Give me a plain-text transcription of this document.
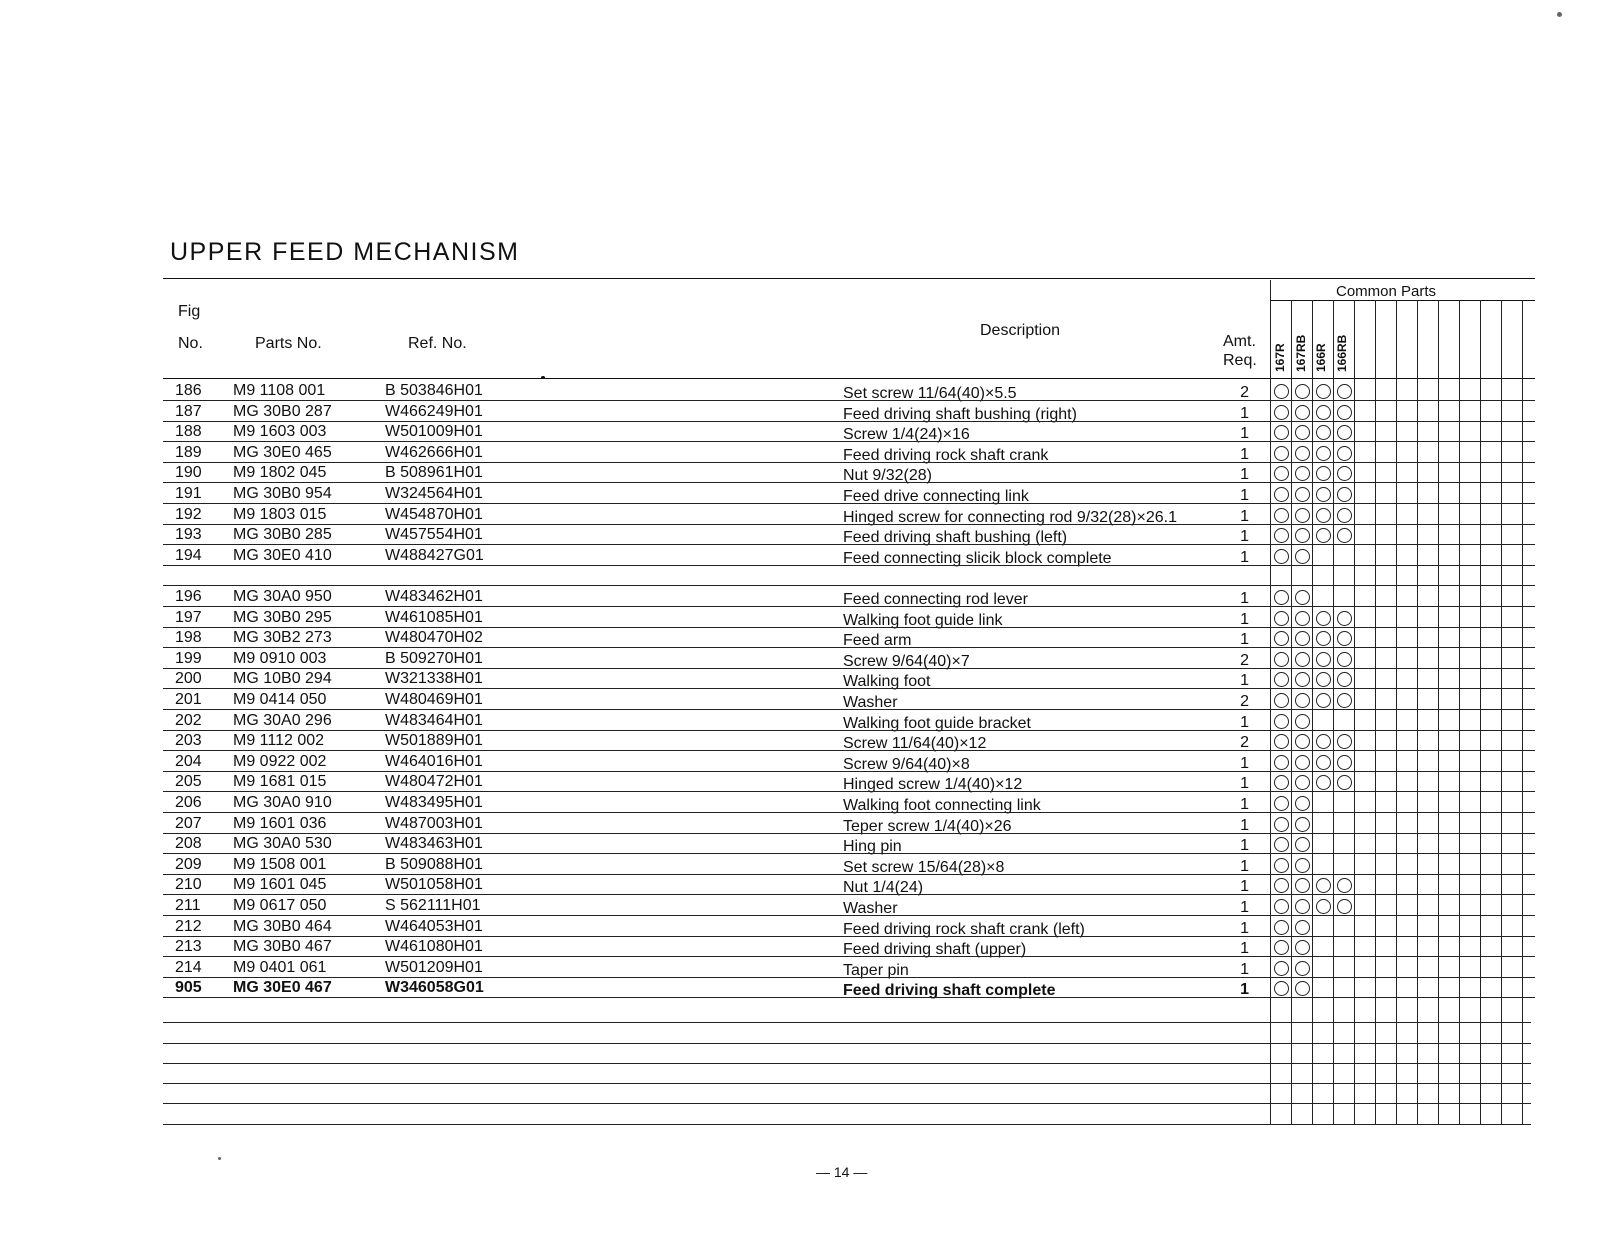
UPPER FEED MECHANISM
Fig
No.	Parts No.	Ref. No.
Description
Amt.
Req.
Common Parts
167R 167RB 166R 166RB
186 M9 1108 001	B 503846H01	Set screw 11/64(40)×5.5	2
187 MG 30B0 287	W466249H01	Feed driving shaft bushing (right)	1
188 M9 1603 003	W501009H01	Screw 1/4(24)×16	1
189 MG 30E0 465	W462666H01	Feed driving rock shaft crank	1
190 M9 1802 045	B 508961H01	Nut 9/32(28)	1
191 MG 30B0 954	W324564H01	Feed drive connecting link	1
192 M9 1803 015	W454870H01	Hinged screw for connecting rod 9/32(28)×26.1	1
193 MG 30B0 285	W457554H01	Feed driving shaft bushing (left)	1
194 MG 30E0 410	W488427G01	Feed connecting slicik block complete	1
196 MG 30A0 950	W483462H01	Feed connecting rod lever	1
197 MG 30B0 295	W461085H01	Walking foot guide link	1
198 MG 30B2 273	W480470H02	Feed arm	1
199 M9 0910 003	B 509270H01	Screw 9/64(40)×7	2
200 MG 10B0 294	W321338H01	Walking foot	1
201 M9 0414 050	W480469H01	Washer	2
202 MG 30A0 296	W483464H01	Walking foot guide bracket	1
203 M9 1112 002	W501889H01	Screw 11/64(40)×12	2
204 M9 0922 002	W464016H01	Screw 9/64(40)×8	1
205 M9 1681 015	W480472H01	Hinged screw 1/4(40)×12	1
206 MG 30A0 910	W483495H01	Walking foot connecting link	1
207 M9 1601 036	W487003H01	Teper screw 1/4(40)×26	1
208 MG 30A0 530	W483463H01	Hing pin	1
209 M9 1508 001	B 509088H01	Set screw 15/64(28)×8	1
210 M9 1601 045	W501058H01	Nut 1/4(24)	1
211 M9 0617 050	S 562111H01	Washer	1
212 MG 30B0 464	W464053H01	Feed driving rock shaft crank (left)	1
213 MG 30B0 467	W461080H01	Feed driving shaft (upper)	1
214 M9 0401 061	W501209H01	Taper pin	1
905 MG 30E0 467	W346058G01	Feed driving shaft complete	1
— 14 —
